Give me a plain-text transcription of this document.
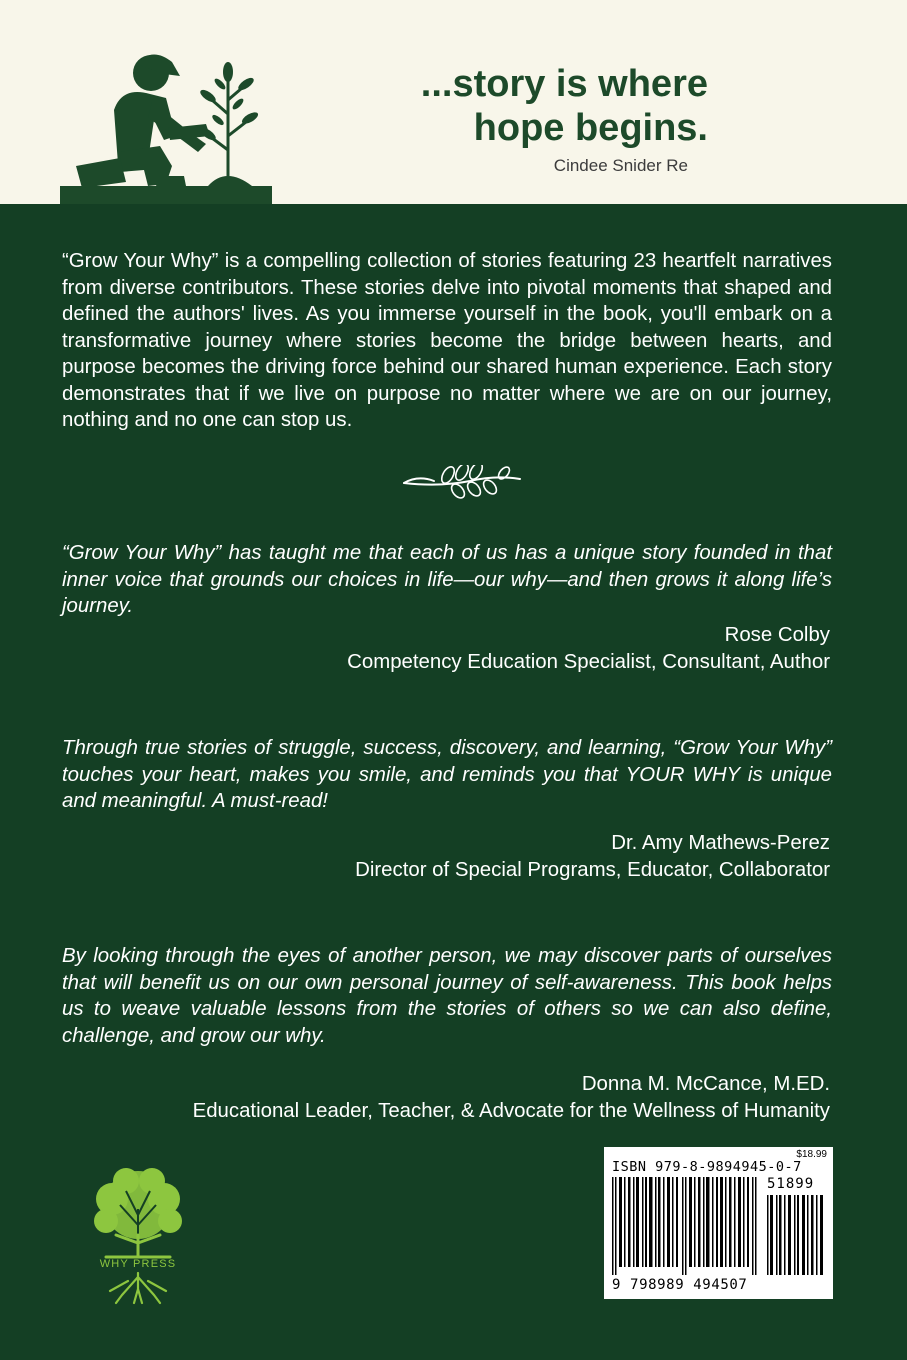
...story is where
hope begins.
Cindee Snider Re

“Grow Your Why” is a compelling collection of stories featuring 23 heartfelt narratives from diverse contributors. These stories delve into pivotal moments that shaped and defined the authors' lives. As you immerse yourself in the book, you'll embark on a transformative journey where stories become the bridge between hearts, and purpose becomes the driving force behind our shared human experience. Each story demonstrates that if we live on purpose no matter where we are on our journey, nothing and no one can stop us.

“Grow Your Why” has taught me that each of us has a unique story founded in that inner voice that grounds our choices in life—our why—and then grows it along life’s journey.

Rose Colby
Competency Education Specialist, Consultant, Author

Through true stories of struggle, success, discovery, and learning, “Grow Your Why” touches your heart, makes you smile, and reminds you that YOUR WHY is unique and meaningful. A must-read!

Dr. Amy Mathews-Perez
Director of Special Programs, Educator, Collaborator

By looking through the eyes of another person, we may discover parts of ourselves that will benefit us on our own personal journey of self-awareness. This book helps us to weave valuable lessons from the stories of others so we can also define, challenge, and grow our why.

Donna M. McCance, M.ED.
Educational Leader, Teacher, & Advocate for the Wellness of Humanity
WHY PRESS
$18.99
ISBN 979-8-9894945-0-7
51899
9 798989 494507
